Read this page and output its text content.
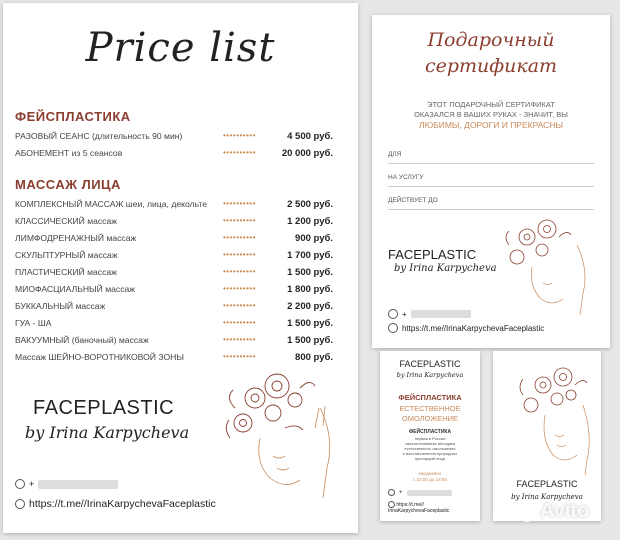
Price list
ФЕЙСПЛАСТИКА
РАЗОВЫЙ СЕАНС (длительность 90 мин)	••••••••••	4 500 руб.
АБОНЕМЕНТ из 5 сеансов	••••••••••	20 000 руб.
МАССАЖ ЛИЦА
КОМПЛЕКСНЫЙ МАССАЖ шеи, лица, декольте ••••••••••	2 500 руб.
КЛАССИЧЕСКИЙ массаж	••••••••••	1 200 руб.
ЛИМФОДРЕНАЖНЫЙ массаж	••••••••••	900 руб.
СКУЛЬПТУРНЫЙ массаж	••••••••••	1 700 руб.
ПЛАСТИЧЕСКИЙ массаж	••••••••••	1 500 руб.
МИОФАСЦИАЛЬНЫЙ массаж	••••••••••	1 800 руб.
БУККАЛЬНЫЙ массаж	••••••••••	2 200 руб.
ГУА - ША	••••••••••	1 500 руб.
ВАКУУМНЫЙ (баночный) массаж	••••••••••	1 500 руб.
Массаж ШЕЙНО-ВОРОТНИКОВОЙ ЗОНЫ	••••••••••	800 руб.
FACEPLASTIC
by Irina Karpycheva
+
https://t.me//IrinaKarpychevaFaceplastic
Подарочный
сертификат
ЭТОТ ПОДАРОЧНЫЙ СЕРТИФИКАТ
ОКАЗАЛСЯ В ВАШИХ РУКАХ - ЗНАЧИТ, ВЫ
ЛЮБИМЫ, ДОРОГИ И ПРЕКРАСНЫ
ДЛЯ
НА УСЛУГУ
ДЕЙСТВУЕТ ДО
FACEPLASTIC
by Irina Karpycheva
+
https://t.me//IrinaKarpychevaFaceplastic
FACEPLASTIC
by Irina Karpycheva
ФЕЙСПЛАСТИКА
ЕСТЕСТВЕННОЕ
ОМОЛОЖЕНИЕ
ФЕЙСПЛАСТИКА
первая в России
запатентованная методика
естественного омоложения
и восстановления природных
пропорций лица
ежедневно
с 10:00 до 18:00
+
https://t.me//
IrinaKarpychevaFaceplastic
FACEPLASTIC
by Irina Karpycheva
Avito
